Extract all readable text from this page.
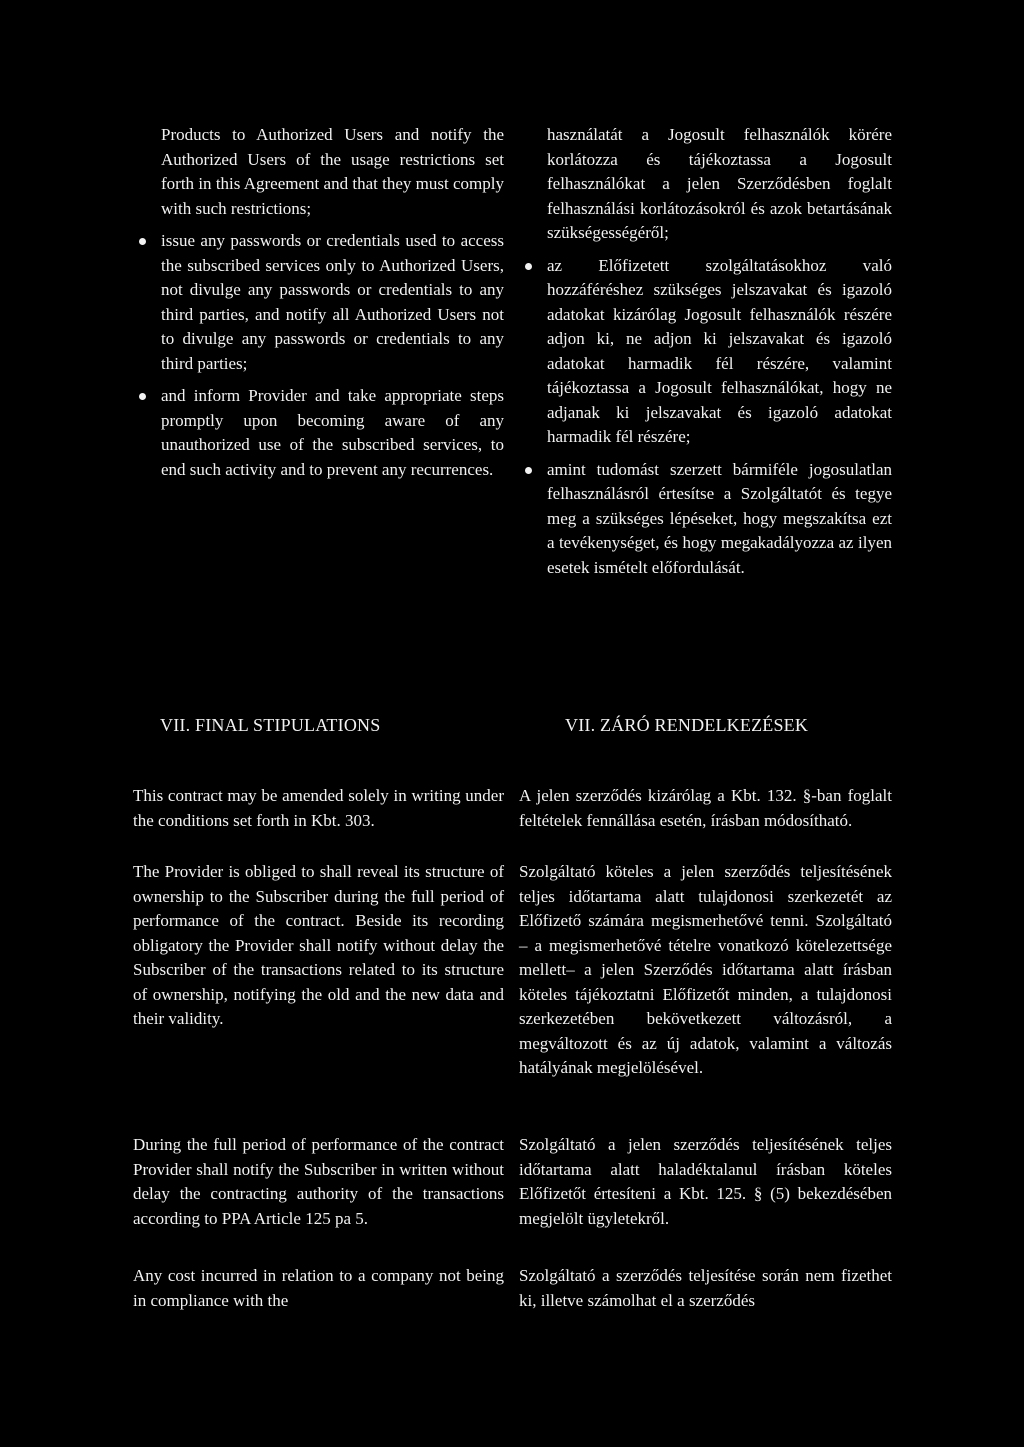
Products to Authorized Users and notify the Authorized Users of the usage restrictions set forth in this Agreement and that they must comply with such restrictions;

issue any passwords or credentials used to access the subscribed services only to Authorized Users, not divulge any passwords or credentials to any third parties, and notify all Authorized Users not to divulge any passwords or credentials to any third parties;
and inform Provider and take appropriate steps promptly upon becoming aware of any unauthorized use of the subscribed services, to end such activity and to prevent any recurrences.

használatát a Jogosult felhasználók körére korlátozza és tájékoztassa a Jogosult felhasználókat a jelen Szerződésben foglalt felhasználási korlátozásokról és azok betartásának szükségességéről;

az Előfizetett szolgáltatásokhoz való hozzáféréshez szükséges jelszavakat és igazoló adatokat kizárólag Jogosult felhasználók részére adjon ki, ne adjon ki jelszavakat és igazoló adatokat harmadik fél részére, valamint tájékoztassa a Jogosult felhasználókat, hogy ne adjanak ki jelszavakat és igazoló adatokat harmadik fél részére;
amint tudomást szerzett bármiféle jogosulatlan felhasználásról értesítse a Szolgáltatót és tegye meg a szükséges lépéseket, hogy megszakítsa ezt a tevékenységet, és hogy megakadályozza az ilyen esetek ismételt előfordulását.
VII. FINAL STIPULATIONS	VII. ZÁRÓ RENDELKEZÉSEK

This contract may be amended solely in writing under the conditions set forth in Kbt. 303.

The Provider is obliged to shall reveal its structure of ownership to the Subscriber during the full period of performance of the contract. Beside its recording obligatory the Provider shall notify without delay the Subscriber of the transactions related to its structure of ownership, notifying the old and the new data and their validity.

During the full period of performance of the contract Provider shall notify the Subscriber in written without delay the contracting authority of the transactions according to PPA Article 125 pa 5.

Any cost incurred in relation to a company not being in compliance with the

A jelen szerződés kizárólag a Kbt. 132. §-ban foglalt feltételek fennállása esetén, írásban módosítható.

Szolgáltató köteles a jelen szerződés teljesítésének teljes időtartama alatt tulajdonosi szerkezetét az Előfizető számára megismerhetővé tenni. Szolgáltató – a megismerhetővé tételre vonatkozó kötelezettsége mellett– a jelen Szerződés időtartama alatt írásban köteles tájékoztatni Előfizetőt minden, a tulajdonosi szerkezetében bekövetkezett változásról, a megváltozott és az új adatok, valamint a változás hatályának megjelölésével.

Szolgáltató a jelen szerződés teljesítésének teljes időtartama alatt haladéktalanul írásban köteles Előfizetőt értesíteni a Kbt. 125. § (5) bekezdésében megjelölt ügyletekről.

Szolgáltató a szerződés teljesítése során nem fizethet ki, illetve számolhat el a szerződés
